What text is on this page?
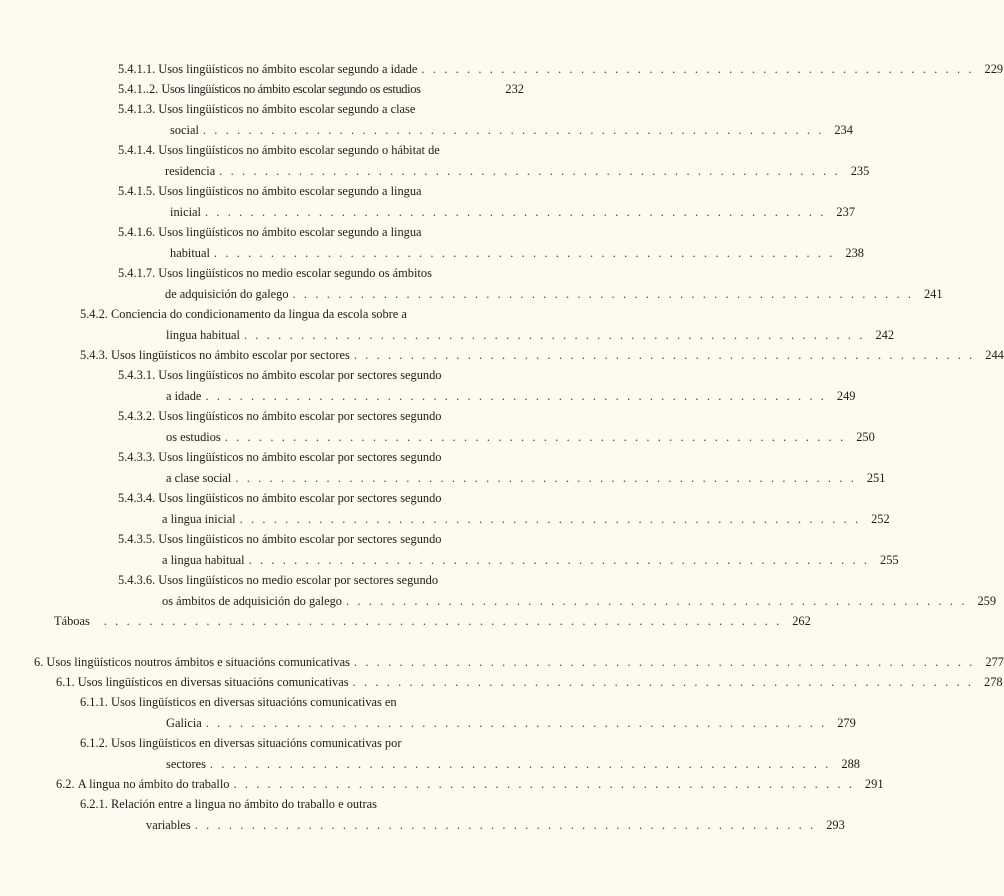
5.4.1.1.
Usos lingüísticos no ámbito escolar segundo a idade . . . . . . . . . . . . . . . . . . . . . . . . . . . . . . . . . . . . . . . . . . . . . . . . . 229
5.4.1..2.
Usos lingüísticos no ámbito escolar segundo os estudios	232
5.4.1.3.
Usos lingüísticos no ámbito escolar segundo a clase
social . . . . . . . . . . . . . . . . . . . . . . . . . . . . . . . . . . . . . . . . . . . . . . . . . . . . . . . 234
5.4.1.4.
Usos lingüísticos no ámbito escolar segundo o hábitat de
residencia . . . . . . . . . . . . . . . . . . . . . . . . . . . . . . . . . . . . . . . . . . . . . . . . . . . . . . . 235
5.4.1.5.
Usos lingüísticos no ámbito escolar segundo a lingua
inicial . . . . . . . . . . . . . . . . . . . . . . . . . . . . . . . . . . . . . . . . . . . . . . . . . . . . . . . 237
5.4.1.6.
Usos lingüísticos no ámbito escolar segundo a lingua
habitual . . . . . . . . . . . . . . . . . . . . . . . . . . . . . . . . . . . . . . . . . . . . . . . . . . . . . . . 238
5.4.1.7.
Usos lingüísticos no medio escolar segundo os ámbitos
de adquisición do galego . . . . . . . . . . . . . . . . . . . . . . . . . . . . . . . . . . . . . . . . . . . . . . . . . . . . . . . 241
5.4.2.
Conciencia do condicionamento da lingua da escola sobre a
lingua habitual . . . . . . . . . . . . . . . . . . . . . . . . . . . . . . . . . . . . . . . . . . . . . . . . . . . . . . . 242
5.4.3.
Usos lingüísticos no ámbito escolar por sectores . . . . . . . . . . . . . . . . . . . . . . . . . . . . . . . . . . . . . . . . . . . . . . . . . . . . . . . 244
5.4.3.1.
Usos lingüísticos no ámbito escolar por sectores segundo
a idade . . . . . . . . . . . . . . . . . . . . . . . . . . . . . . . . . . . . . . . . . . . . . . . . . . . . . . . 249
5.4.3.2.
Usos lingüísticos no ámbito escolar por sectores segundo
os estudios . . . . . . . . . . . . . . . . . . . . . . . . . . . . . . . . . . . . . . . . . . . . . . . . . . . . . . . 250
5.4.3.3.
Usos lingüísticos no ámbito escolar por sectores segundo
a clase social . . . . . . . . . . . . . . . . . . . . . . . . . . . . . . . . . . . . . . . . . . . . . . . . . . . . . . . 251
5.4.3.4.
Usos lingüísticos no ámbito escolar por sectores segundo
a lingua inicial . . . . . . . . . . . . . . . . . . . . . . . . . . . . . . . . . . . . . . . . . . . . . . . . . . . . . . . 252
5.4.3.5.
Usos lingüísticos no ámbito escolar por sectores segundo
a lingua habitual . . . . . . . . . . . . . . . . . . . . . . . . . . . . . . . . . . . . . . . . . . . . . . . . . . . . . . . 255
5.4.3.6.
Usos lingüísticos no medio escolar por sectores segundo
os ámbitos de adquisición do galego . . . . . . . . . . . . . . . . . . . . . . . . . . . . . . . . . . . . . . . . . . . . . . . . . . . . . . . 259
Táboas	. . . . . . . . . . . . . . . . . . . . . . . . . . . . . . . . . . . . . . . . . . . . . . . . . . . . . . . . . . . . 262
6.
Usos lingüísticos noutros ámbitos e situacións comunicativas . . . . . . . . . . . . . . . . . . . . . . . . . . . . . . . . . . . . . . . . . . . . . . . . . . . . . . . 277
6.1.
Usos lingüísticos en diversas situacións comunicativas . . . . . . . . . . . . . . . . . . . . . . . . . . . . . . . . . . . . . . . . . . . . . . . . . . . . . . . 278
6.1.1.
Usos lingüísticos en diversas situacións comunicativas en
Galicia . . . . . . . . . . . . . . . . . . . . . . . . . . . . . . . . . . . . . . . . . . . . . . . . . . . . . . . 279
6.1.2.
Usos lingüísticos en diversas situacións comunicativas por
sectores . . . . . . . . . . . . . . . . . . . . . . . . . . . . . . . . . . . . . . . . . . . . . . . . . . . . . . . 288
6.2.
A lingua no ámbito do traballo . . . . . . . . . . . . . . . . . . . . . . . . . . . . . . . . . . . . . . . . . . . . . . . . . . . . . . . 291
6.2.1.
Relación entre a lingua no ámbito do traballo e outras
variables . . . . . . . . . . . . . . . . . . . . . . . . . . . . . . . . . . . . . . . . . . . . . . . . . . . . . . . 293
